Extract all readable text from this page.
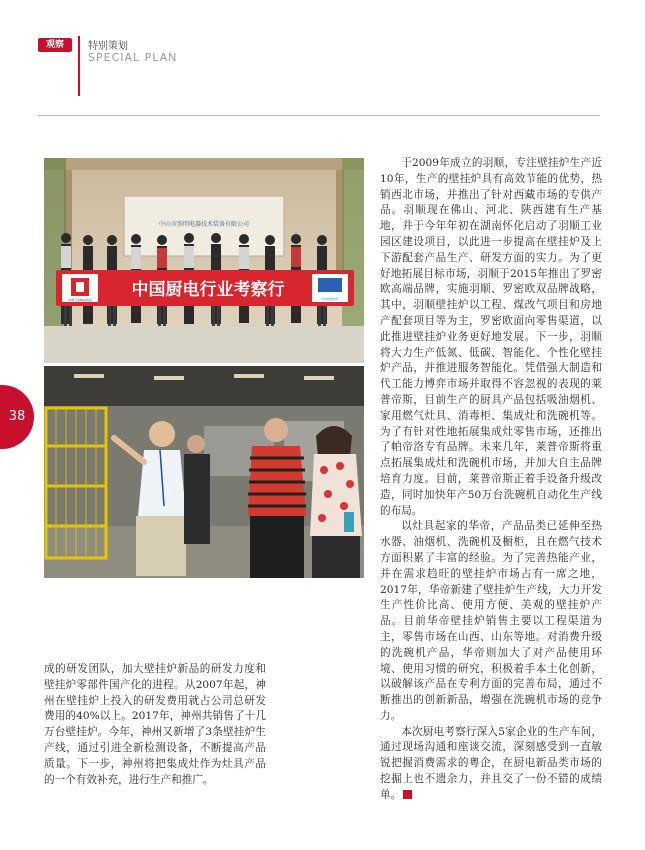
观察	特别策划
SPECIAL PLAN
38
中山市照明电器技术装备有限公司
中国五金制品协会 中国厨电行业考察行	中华厨电时代

于2009年成立的羽顺，专注壁挂炉生产近10年，生产的壁挂炉具有高效节能的优势，热销西北市场，并推出了针对西藏市场的专供产品。羽顺现在佛山、河北、陕西建有生产基地，并于今年年初在湖南怀化启动了羽顺工业园区建设项目，以此进一步提高在壁挂炉及上下游配套产品生产、研发方面的实力。为了更好地拓展目标市场，羽顺于2015年推出了罗密欧高端品牌，实施羽顺、罗密欧双品牌战略，其中，羽顺壁挂炉以工程、煤改气项目和房地产配套项目等为主，罗密欧面向零售渠道，以此推进壁挂炉业务更好地发展。下一步，羽顺将大力生产低氮、低碳、智能化、个性化壁挂炉产品，并推进服务智能化。凭借强大制造和代工能力博弈市场并取得不容忽视的表现的莱普帝斯，目前生产的厨具产品包括吸油烟机、家用燃气灶具、消毒柜、集成灶和洗碗机等。为了有针对性地拓展集成灶零售市场，还推出了帕帝洛专有品牌。未来几年，莱普帝斯将重点拓展集成灶和洗碗机市场，并加大自主品牌培育力度。目前，莱普帝斯正着手设备升级改造，同时加快年产50万台洗碗机自动化生产线的布局。

以灶具起家的华帝，产品品类已延伸至热水器、油烟机、洗碗机及橱柜，且在燃气技术方面积累了丰富的经验。为了完善热能产业，并在需求趋旺的壁挂炉市场占有一席之地，2017年，华帝新建了壁挂炉生产线，大力开发生产性价比高、使用方便、美观的壁挂炉产品。目前华帝壁挂炉销售主要以工程渠道为主，零售市场在山西、山东等地。对消费升级的洗碗机产品，华帝则加大了对产品使用环境、使用习惯的研究，积极着手本土化创新，以破解该产品在专利方面的完善布局，通过不断推出的创新新品，增强在洗碗机市场的竞争力。

本次厨电考察行深入5家企业的生产车间，通过现场沟通和座谈交流，深刻感受到一直敏锐把握消费需求的粤企，在厨电新品类市场的挖掘上也不遗余力，并且交了一份不错的成绩单。

成的研发团队，加大壁挂炉新品的研发力度和壁挂炉零部件国产化的进程。从2007年起，神州在壁挂炉上投入的研发费用就占公司总研发费用的40%以上。2017年，神州共销售了十几万台壁挂炉。今年，神州又新增了3条壁挂炉生产线，通过引进全新检测设备，不断提高产品质量。下一步，神州将把集成灶作为灶具产品的一个有效补充，进行生产和推广。
